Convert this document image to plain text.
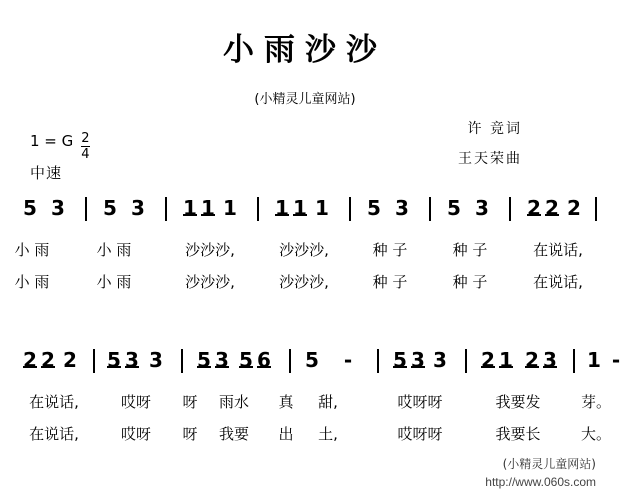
小雨沙沙
(小精灵儿童网站)
许 竞词
王天荣曲
1 = G $\frac{2}{4}$
中速
5 3 5 3 1 1 1 1 1 1 5 3 5 3 2 2 2
小 雨	小 雨	沙沙沙,	沙沙沙,	种 子	种 子	在说话,
小 雨	小 雨	沙沙沙,	沙沙沙,	种 子	种 子	在说话,
2 2 2 5 3 3 5 3 5 6 5 - 5 3 3 2 1 2 3 1 -
在说话,	哎呀 呀 雨水 真 甜,	哎呀呀	我要发	芽。
在说话,	哎呀 呀 我要 出 土,	哎呀呀	我要长	大。
(小精灵儿童网站)
http://www.060s.com
